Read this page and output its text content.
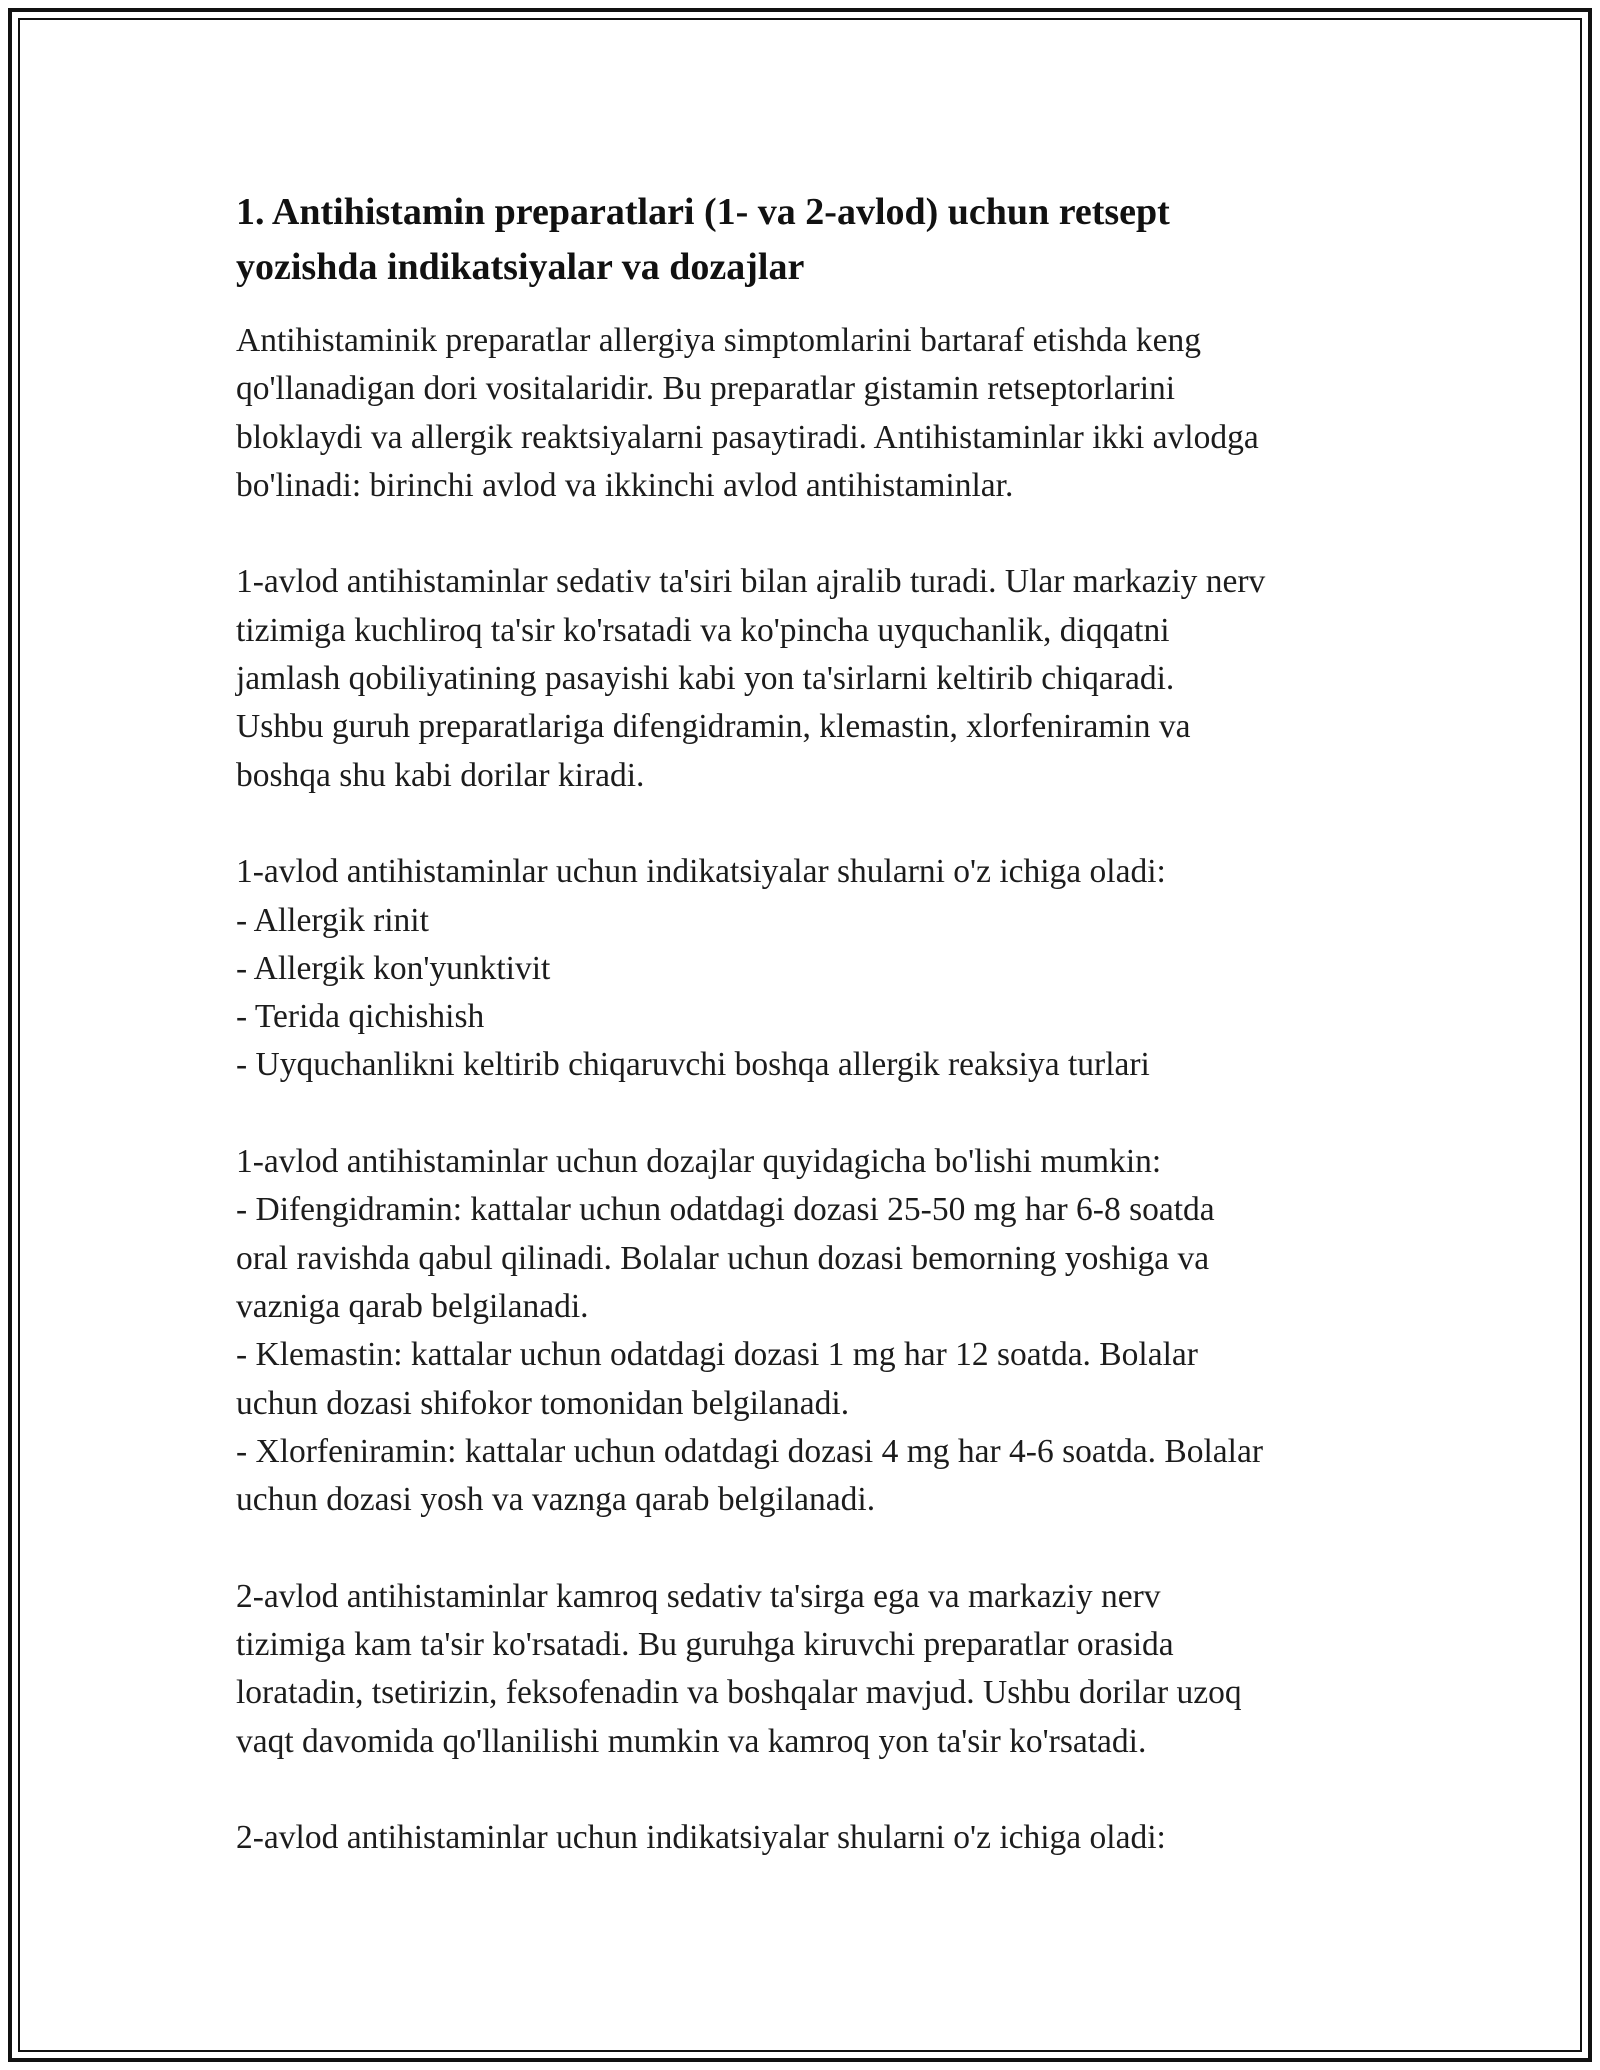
1. Antihistamin preparatlari (1- va 2-avlod) uchun retsept
yozishda indikatsiyalar va dozajlar

Antihistaminik preparatlar allergiya simptomlarini bartaraf etishda keng
qo'llanadigan dori vositalaridir. Bu preparatlar gistamin retseptorlarini
bloklaydi va allergik reaktsiyalarni pasaytiradi. Antihistaminlar ikki avlodga
bo'linadi: birinchi avlod va ikkinchi avlod antihistaminlar.

1-avlod antihistaminlar sedativ ta'siri bilan ajralib turadi. Ular markaziy nerv
tizimiga kuchliroq ta'sir ko'rsatadi va ko'pincha uyquchanlik, diqqatni
jamlash qobiliyatining pasayishi kabi yon ta'sirlarni keltirib chiqaradi.
Ushbu guruh preparatlariga difengidramin, klemastin, xlorfeniramin va
boshqa shu kabi dorilar kiradi.

1-avlod antihistaminlar uchun indikatsiyalar shularni o'z ichiga oladi:
- Allergik rinit
- Allergik kon'yunktivit
- Terida qichishish
- Uyquchanlikni keltirib chiqaruvchi boshqa allergik reaksiya turlari

1-avlod antihistaminlar uchun dozajlar quyidagicha bo'lishi mumkin:
- Difengidramin: kattalar uchun odatdagi dozasi 25-50 mg har 6-8 soatda
oral ravishda qabul qilinadi. Bolalar uchun dozasi bemorning yoshiga va
vazniga qarab belgilanadi.
- Klemastin: kattalar uchun odatdagi dozasi 1 mg har 12 soatda. Bolalar
uchun dozasi shifokor tomonidan belgilanadi.
- Xlorfeniramin: kattalar uchun odatdagi dozasi 4 mg har 4-6 soatda. Bolalar
uchun dozasi yosh va vaznga qarab belgilanadi.

2-avlod antihistaminlar kamroq sedativ ta'sirga ega va markaziy nerv
tizimiga kam ta'sir ko'rsatadi. Bu guruhga kiruvchi preparatlar orasida
loratadin, tsetirizin, feksofenadin va boshqalar mavjud. Ushbu dorilar uzoq
vaqt davomida qo'llanilishi mumkin va kamroq yon ta'sir ko'rsatadi.

2-avlod antihistaminlar uchun indikatsiyalar shularni o'z ichiga oladi:
